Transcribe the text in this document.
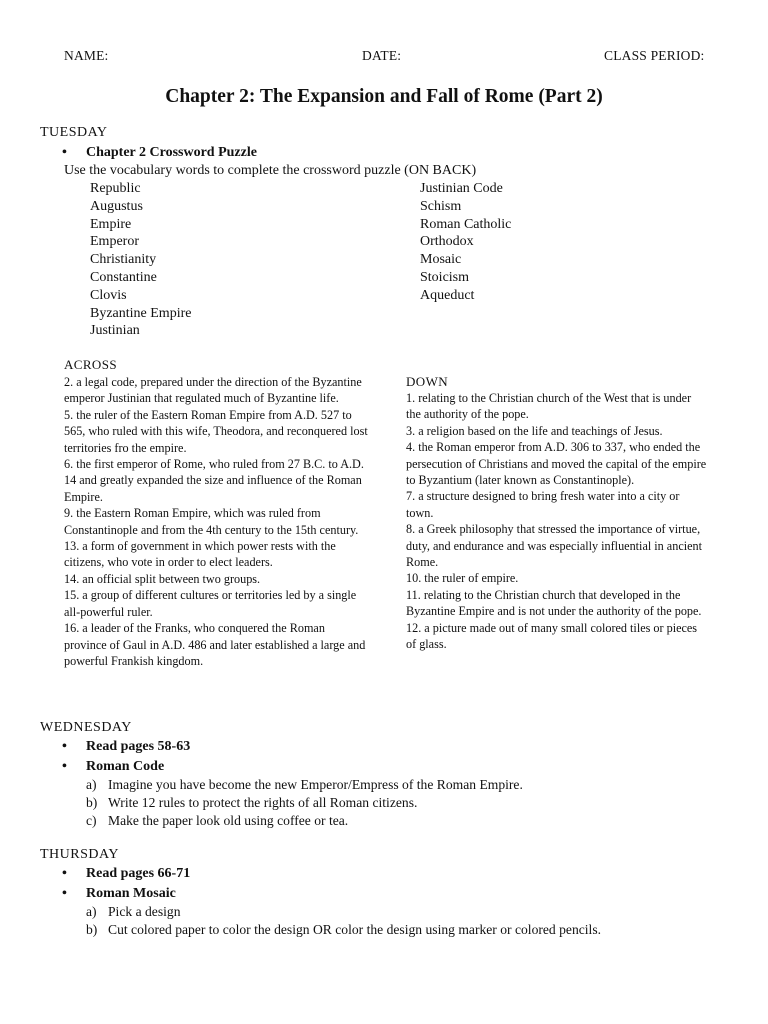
NAME:	DATE:	CLASS PERIOD:
Chapter 2: The Expansion and Fall of Rome (Part 2)
TUESDAY
• Chapter 2 Crossword Puzzle
Use the vocabulary words to complete the crossword puzzle (ON BACK)
Republic
Augustus
Empire
Emperor
Christianity
Constantine
Clovis
Byzantine Empire
Justinian
Justinian Code
Schism
Roman Catholic
Orthodox
Mosaic
Stoicism
Aqueduct
ACROSS
2. a legal code, prepared under the direction of the Byzantine emperor Justinian that regulated much of Byzantine life.
5. the ruler of the Eastern Roman Empire from A.D. 527 to 565, who ruled with this wife, Theodora, and reconquered lost territories fro the empire.
6. the first emperor of Rome, who ruled from 27 B.C. to A.D. 14 and greatly expanded the size and influence of the Roman Empire.
9. the Eastern Roman Empire, which was ruled from Constantinople and from the 4th century to the 15th century.
13. a form of government in which power rests with the citizens, who vote in order to elect leaders.
14. an official split between two groups.
15. a group of different cultures or territories led by a single all-powerful ruler.
16. a leader of the Franks, who conquered the Roman province of Gaul in A.D. 486 and later established a large and powerful Frankish kingdom.
DOWN
1. relating to the Christian church of the West that is under the authority of the pope.
3. a religion based on the life and teachings of Jesus.
4. the Roman emperor from A.D. 306 to 337, who ended the persecution of Christians and moved the capital of the empire to Byzantium (later known as Constantinople).
7. a structure designed to bring fresh water into a city or town.
8. a Greek philosophy that stressed the importance of virtue, duty, and endurance and was especially influential in ancient Rome.
10. the ruler of empire.
11. relating to the Christian church that developed in the Byzantine Empire and is not under the authority of the pope.
12. a picture made out of many small colored tiles or pieces of glass.
WEDNESDAY
• Read pages 58-63
• Roman Code
a) Imagine you have become the new Emperor/Empress of the Roman Empire.
b) Write 12 rules to protect the rights of all Roman citizens.
c) Make the paper look old using coffee or tea.
THURSDAY
• Read pages 66-71
• Roman Mosaic
a) Pick a design
b) Cut colored paper to color the design OR color the design using marker or colored pencils.
